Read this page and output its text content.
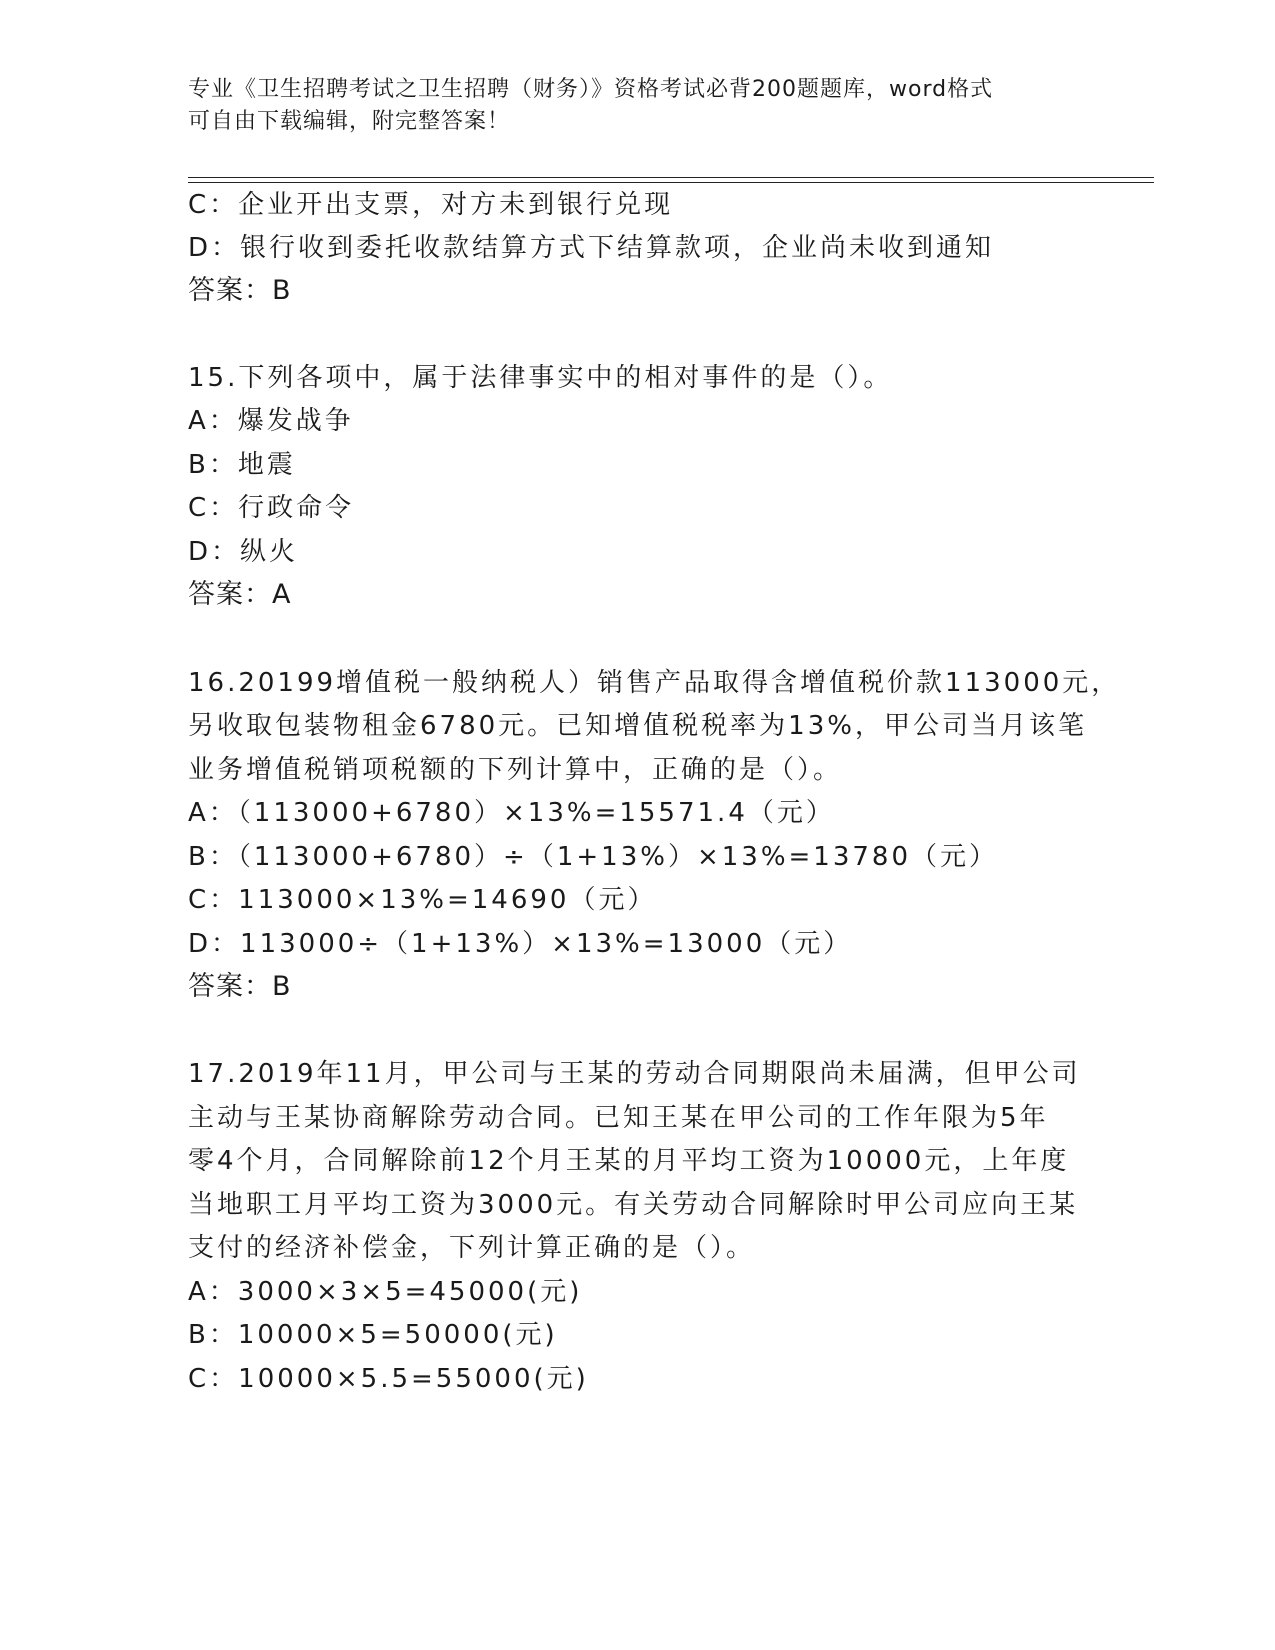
专业《卫生招聘考试之卫生招聘（财务）》资格考试必背200题题库，word格式
可自由下载编辑，附完整答案！
C：企业开出支票，对方未到银行兑现
D：银行收到委托收款结算方式下结算款项，企业尚未收到通知
答案：B
15.下列各项中，属于法律事实中的相对事件的是（）。
A：爆发战争
B：地震
C：行政命令
D：纵火
答案：A
16.20199增值税一般纳税人）销售产品取得含增值税价款113000元，
另收取包装物租金6780元。已知增值税税率为13%，甲公司当月该笔
业务增值税销项税额的下列计算中，正确的是（）。
A：（113000+6780）×13%=15571.4（元）
B：（113000+6780）÷（1+13%）×13%=13780（元）
C：113000×13%=14690（元）
D：113000÷（1+13%）×13%=13000（元）
答案：B
17.2019年11月，甲公司与王某的劳动合同期限尚未届满，但甲公司
主动与王某协商解除劳动合同。已知王某在甲公司的工作年限为5年
零4个月，合同解除前12个月王某的月平均工资为10000元，上年度
当地职工月平均工资为3000元。有关劳动合同解除时甲公司应向王某
支付的经济补偿金，下列计算正确的是（）。
A：3000×3×5=45000(元)
B：10000×5=50000(元)
C：10000×5.5=55000(元)
